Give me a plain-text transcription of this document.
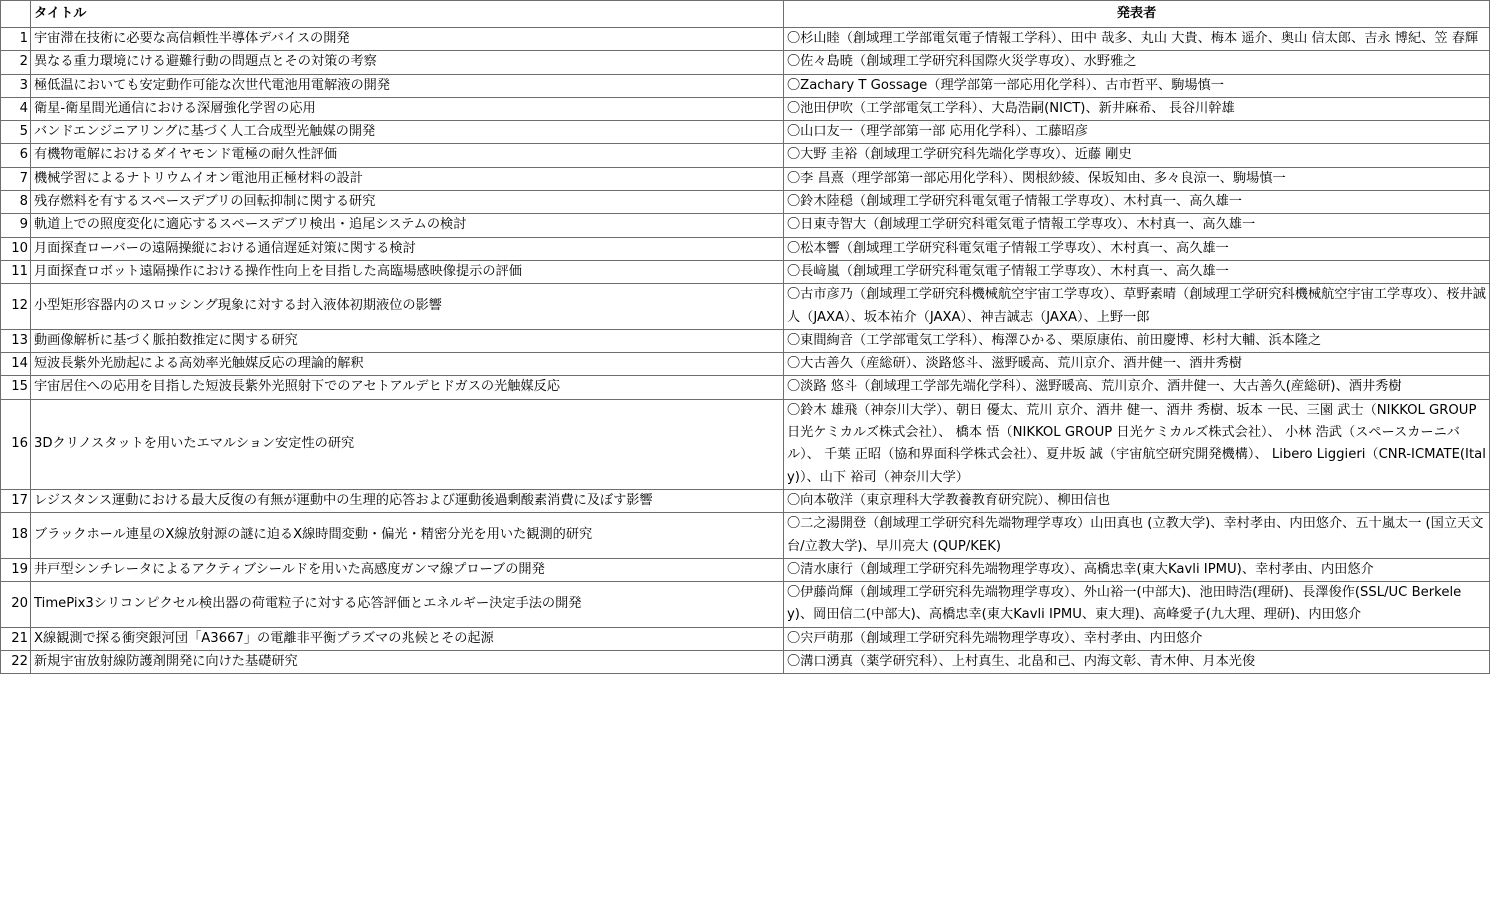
	タイトル	発表者
1	宇宙滞在技術に必要な高信頼性半導体デバイスの開発	〇杉山睦（創域理工学部電気電子情報工学科）、田中 哉多、丸山 大貴、梅本 遥介、奥山 信太郎、吉永 博紀、笠 春輝
2	異なる重力環境にける避難行動の問題点とその対策の考察	〇佐々島暁（創域理工学研究科国際火災学専攻）、水野雅之
3	極低温においても安定動作可能な次世代電池用電解液の開発	〇Zachary T Gossage（理学部第一部応用化学科）、古市哲平、駒場慎一
4	衛星-衛星間光通信における深層強化学習の応用	〇池田伊吹（工学部電気工学科）、大島浩嗣(NICT)、新井麻希、 長谷川幹雄
5	バンドエンジニアリングに基づく人工合成型光触媒の開発	〇山口友一（理学部第一部 応用化学科）、工藤昭彦
6	有機物電解におけるダイヤモンド電極の耐久性評価	〇大野 圭裕（創域理工学研究科先端化学専攻）、近藤 剛史
7	機械学習によるナトリウムイオン電池用正極材料の設計	〇李 昌熹（理学部第一部応用化学科）、関根紗綾、保坂知由、多々良涼一、駒場慎一
8	残存燃料を有するスペースデブリの回転抑制に関する研究	〇鈴木陸穏（創域理工学研究科電気電子情報工学専攻）、木村真一、高久雄一
9	軌道上での照度変化に適応するスペースデブリ検出・追尾システムの検討	〇日東寺智大（創域理工学研究科電気電子情報工学専攻）、木村真一、高久雄一
10	月面探査ローバーの遠隔操縦における通信遅延対策に関する検討	〇松本響（創域理工学研究科電気電子情報工学専攻）、木村真一、高久雄一
11	月面探査ロボット遠隔操作における操作性向上を目指した高臨場感映像提示の評価	〇長﨑嵐（創域理工学研究科電気電子情報工学専攻）、木村真一、高久雄一
12	小型矩形容器内のスロッシング現象に対する封入液体初期液位の影響	〇古市彦乃（創域理工学研究科機械航空宇宙工学専攻）、草野素晴（創域理工学研究科機械航空宇宙工学専攻）、桜井誠人（JAXA）、坂本祐介（JAXA）、神吉誠志（JAXA）、上野一郎
13	動画像解析に基づく脈拍数推定に関する研究	〇東間絢音（工学部電気工学科）、梅澤ひかる、栗原康佑、前田慶博、杉村大輔、浜本隆之
14	短波長紫外光励起による高効率光触媒反応の理論的解釈	〇大古善久（産総研）、淡路悠斗、滋野暖高、荒川京介、酒井健一、酒井秀樹
15	宇宙居住への応用を目指した短波長紫外光照射下でのアセトアルデヒドガスの光触媒反応	〇淡路 悠斗（創域理工学部先端化学科）、滋野暖高、荒川京介、酒井健一、大古善久(産総研)、酒井秀樹
16	3Dクリノスタットを用いたエマルション安定性の研究	〇鈴木 雄飛（神奈川大学）、朝日 優太、荒川 京介、酒井 健一、酒井 秀樹、坂本 一民、三園 武士（NIKKOL GROUP 日光ケミカルズ株式会社）、 橋本 悟（NIKKOL GROUP 日光ケミカルズ株式会社）、 小林 浩武（スペースカーニバル）、 千葉 正昭（協和界面科学株式会社）、夏井坂 誠（宇宙航空研究開発機構）、 Libero Liggieri（CNR-ICMATE(Italy)）、山下 裕司（神奈川大学）
17	レジスタンス運動における最大反復の有無が運動中の生理的応答および運動後過剰酸素消費に及ぼす影響	〇向本敬洋（東京理科大学教養教育研究院）、柳田信也
18	ブラックホール連星のX線放射源の謎に迫るX線時間変動・偏光・精密分光を用いた観測的研究	〇二之湯開登（創域理工学研究科先端物理学専攻）山田真也 (立教大学)、幸村孝由、内田悠介、五十嵐太一 (国立天文台/立教大学)、早川亮大 (QUP/KEK)
19	井戸型シンチレータによるアクティブシールドを用いた高感度ガンマ線プローブの開発	〇清水康行（創域理工学研究科先端物理学専攻）、高橋忠幸(東大Kavli IPMU)、幸村孝由、内田悠介
20	TimePix3シリコンピクセル検出器の荷電粒子に対する応答評価とエネルギー決定手法の開発	〇伊藤尚輝（創域理工学研究科先端物理学専攻）、外山裕一(中部大)、池田時浩(理研)、長澤俊作(SSL/UC Berkeley)、岡田信二(中部大)、高橋忠幸(東大Kavli IPMU、東大理)、高峰愛子(九大理、理研)、内田悠介
21	X線観測で探る衝突銀河団「A3667」の電離非平衡プラズマの兆候とその起源	〇宍戸萌那（創域理工学研究科先端物理学専攻）、幸村孝由、内田悠介
22	新規宇宙放射線防護剤開発に向けた基礎研究	〇溝口湧真（薬学研究科）、上村真生、北畠和己、内海文彰、青木伸、月本光俊
